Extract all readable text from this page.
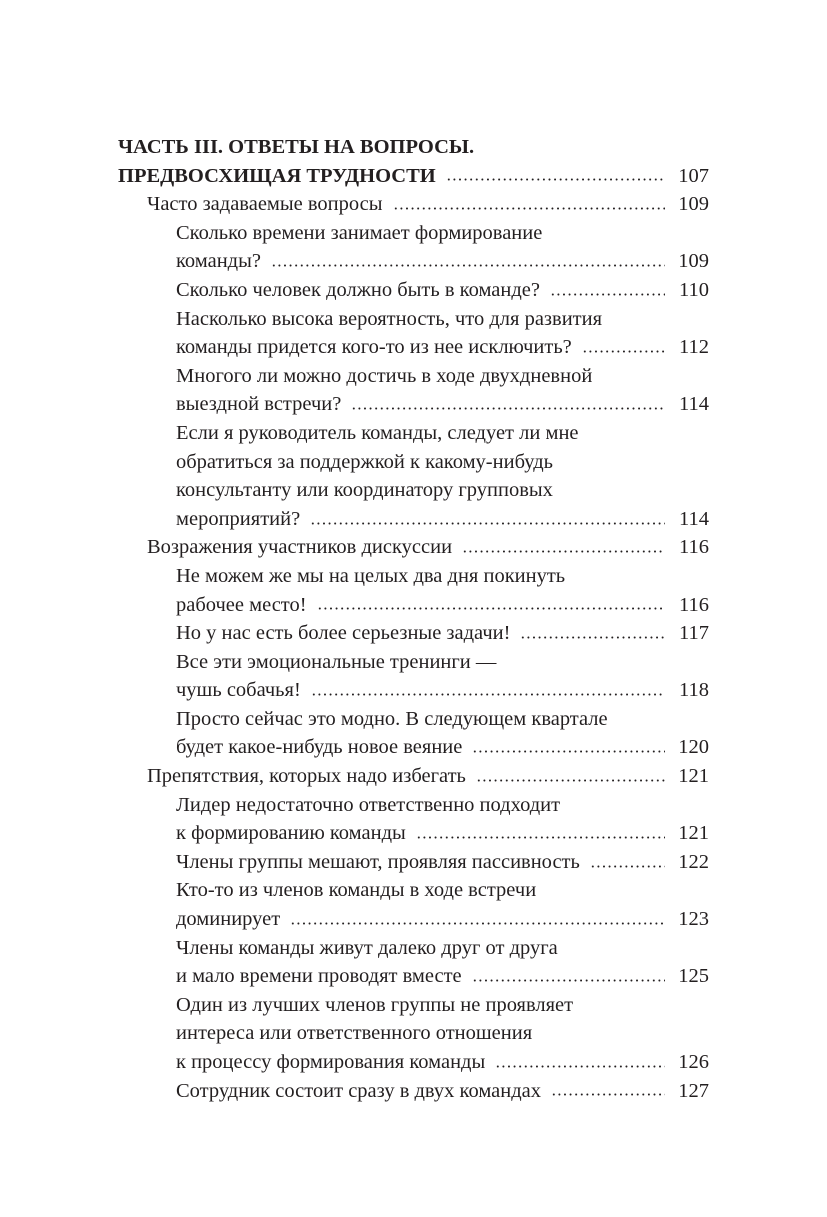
ЧАСТЬ III. ОТВЕТЫ НА ВОПРОСЫ.
ПРЕДВОСХИЩАЯ ТРУДНОСТИ	107
Часто задаваемые вопросы	109
Сколько времени занимает формирование
команды?	109
Сколько человек должно быть в команде?	110
Насколько высока вероятность, что для развития
команды придется кого-то из нее исключить?	112
Многого ли можно достичь в ходе двухдневной
выездной встречи?	114
Если я руководитель команды, следует ли мне
обратиться за поддержкой к какому-нибудь
консультанту или координатору групповых
мероприятий?	114
Возражения участников дискуссии	116
Не можем же мы на целых два дня покинуть
рабочее место!	116
Но у нас есть более серьезные задачи!	117
Все эти эмоциональные тренинги —
чушь собачья!	118
Просто сейчас это модно. В следующем квартале
будет какое-нибудь новое веяние	120
Препятствия, которых надо избегать	121
Лидер недостаточно ответственно подходит
к формированию команды	121
Члены группы мешают, проявляя пассивность	122
Кто-то из членов команды в ходе встречи
доминирует	123
Члены команды живут далеко друг от друга
и мало времени проводят вместе	125
Один из лучших членов группы не проявляет
интереса или ответственного отношения
к процессу формирования команды	126
Сотрудник состоит сразу в двух командах	127
